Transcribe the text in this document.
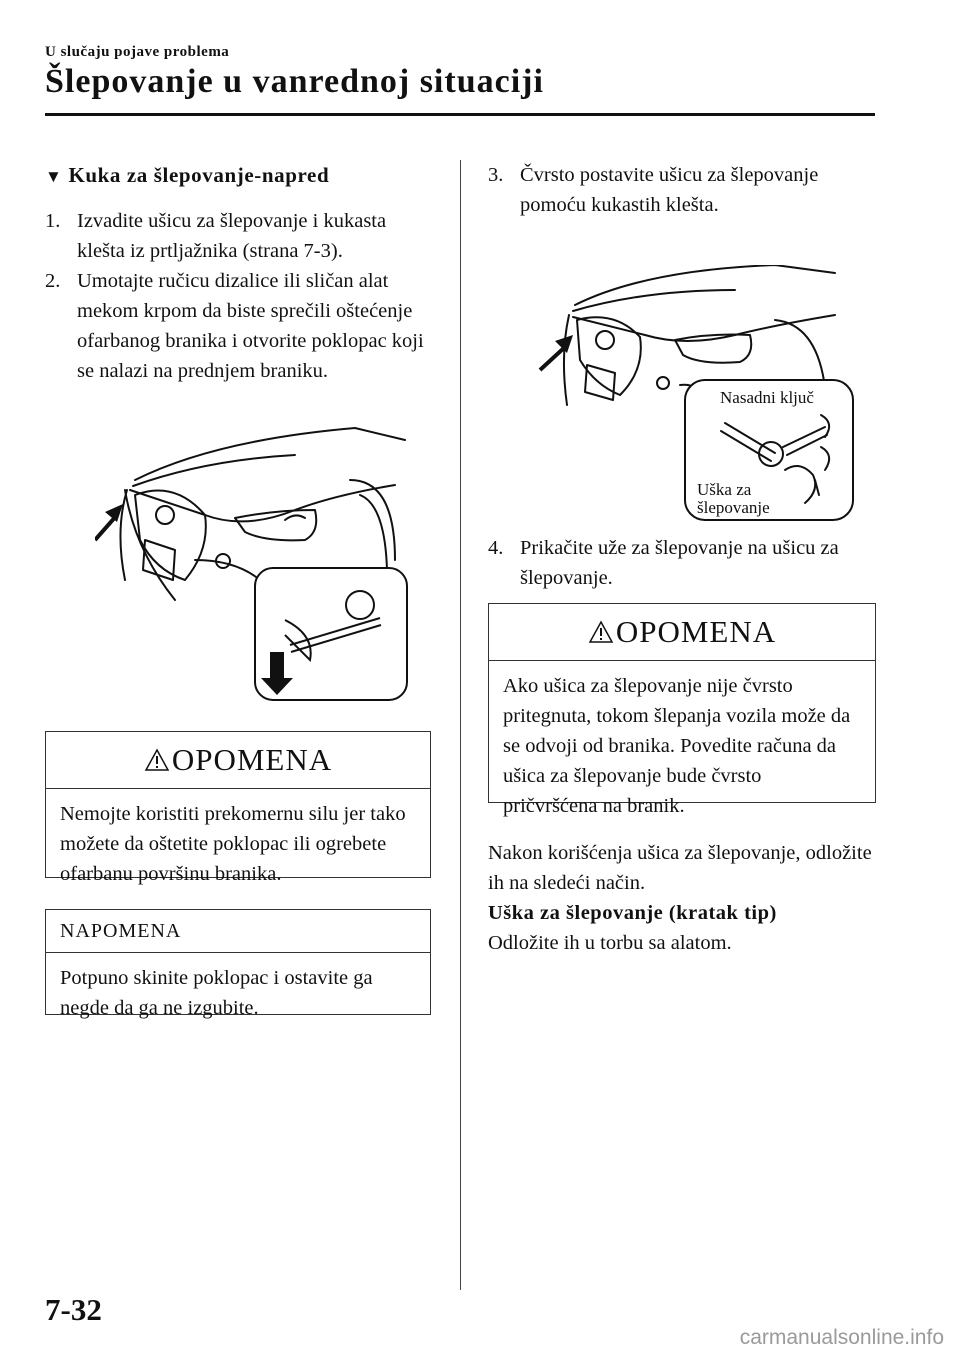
U slučaju pojave problema
Šlepovanje u vanrednoj situaciji
▼ Kuka za šlepovanje-napred

1. Izvadite ušicu za šlepovanje i kukasta klešta iz prtljažnika (strana 7-3).

2. Umotajte ručicu dizalice ili sličan alat mekom krpom da biste sprečili oštećenje ofarbanog branika i otvorite poklopac koji se nalazi na prednjem braniku.

OPOMENA
Nemojte koristiti prekomernu silu jer tako možete da oštetite poklopac ili ogrebete ofarbanu površinu branika.
NAPOMENA
Potpuno skinite poklopac i ostavite ga negde da ga ne izgubite.

3. Čvrsto postavite ušicu za šlepovanje pomoću kukastih klešta.

Nasadni ključ
Uška za
šlepovanje

4. Prikačite uže za šlepovanje na ušicu za šlepovanje.

OPOMENA
Ako ušica za šlepovanje nije čvrsto pritegnuta, tokom šlepanja vozila može da se odvoji od branika. Povedite računa da ušica za šlepovanje bude čvrsto pričvršćena na branik.

Nakon korišćenja ušica za šlepovanje, odložite ih na sledeći način.

Uška za šlepovanje (kratak tip)

Odložite ih u torbu sa alatom.

7-32
carmanualsonline.info
